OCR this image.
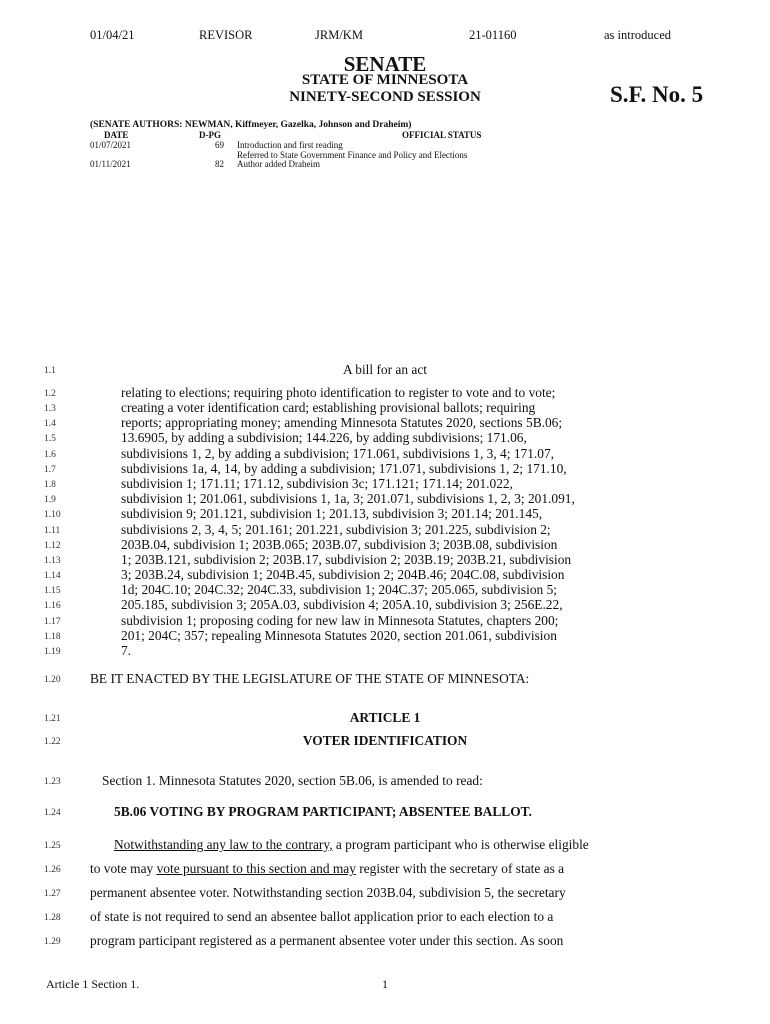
01/04/21	REVISOR	JRM/KM	21-01160	as introduced
SENATE
STATE OF MINNESOTA
NINETY-SECOND SESSION	S.F. No. 5
(SENATE AUTHORS: NEWMAN, Kiffmeyer, Gazelka, Johnson and Draheim)
DATE	D-PG	OFFICIAL STATUS
01/07/2021	69 Introduction and first reading
Referred to State Government Finance and Policy and Elections
01/11/2021	82 Author added Draheim
1.1
1.2
1.3
1.4
1.5
1.6
1.7
1.8
1.9
1.10
1.11
1.12
1.13
1.14
1.15
1.16
1.17
1.18
1.19
1.20
1.21
1.22
1.23
1.24
1.25
1.26
1.27
1.28
1.29
A bill for an act
relating to elections; requiring photo identification to register to vote and to vote;
creating a voter identification card; establishing provisional ballots; requiring
reports; appropriating money; amending Minnesota Statutes 2020, sections 5B.06;
13.6905, by adding a subdivision; 144.226, by adding subdivisions; 171.06,
subdivisions 1, 2, by adding a subdivision; 171.061, subdivisions 1, 3, 4; 171.07,
subdivisions 1a, 4, 14, by adding a subdivision; 171.071, subdivisions 1, 2; 171.10,
subdivision 1; 171.11; 171.12, subdivision 3c; 171.121; 171.14; 201.022,
subdivision 1; 201.061, subdivisions 1, 1a, 3; 201.071, subdivisions 1, 2, 3; 201.091,
subdivision 9; 201.121, subdivision 1; 201.13, subdivision 3; 201.14; 201.145,
subdivisions 2, 3, 4, 5; 201.161; 201.221, subdivision 3; 201.225, subdivision 2;
203B.04, subdivision 1; 203B.065; 203B.07, subdivision 3; 203B.08, subdivision
1; 203B.121, subdivision 2; 203B.17, subdivision 2; 203B.19; 203B.21, subdivision
3; 203B.24, subdivision 1; 204B.45, subdivision 2; 204B.46; 204C.08, subdivision
1d; 204C.10; 204C.32; 204C.33, subdivision 1; 204C.37; 205.065, subdivision 5;
205.185, subdivision 3; 205A.03, subdivision 4; 205A.10, subdivision 3; 256E.22,
subdivision 1; proposing coding for new law in Minnesota Statutes, chapters 200;
201; 204C; 357; repealing Minnesota Statutes 2020, section 201.061, subdivision
7.
BE IT ENACTED BY THE LEGISLATURE OF THE STATE OF MINNESOTA:
ARTICLE 1
VOTER IDENTIFICATION
Section 1. Minnesota Statutes 2020, section 5B.06, is amended to read:
5B.06 VOTING BY PROGRAM PARTICIPANT; ABSENTEE BALLOT.
Notwithstanding any law to the contrary, a program participant who is otherwise eligible
to vote may vote pursuant to this section and may register with the secretary of state as a
permanent absentee voter. Notwithstanding section 203B.04, subdivision 5, the secretary
of state is not required to send an absentee ballot application prior to each election to a
program participant registered as a permanent absentee voter under this section. As soon
Article 1 Section 1.	1
